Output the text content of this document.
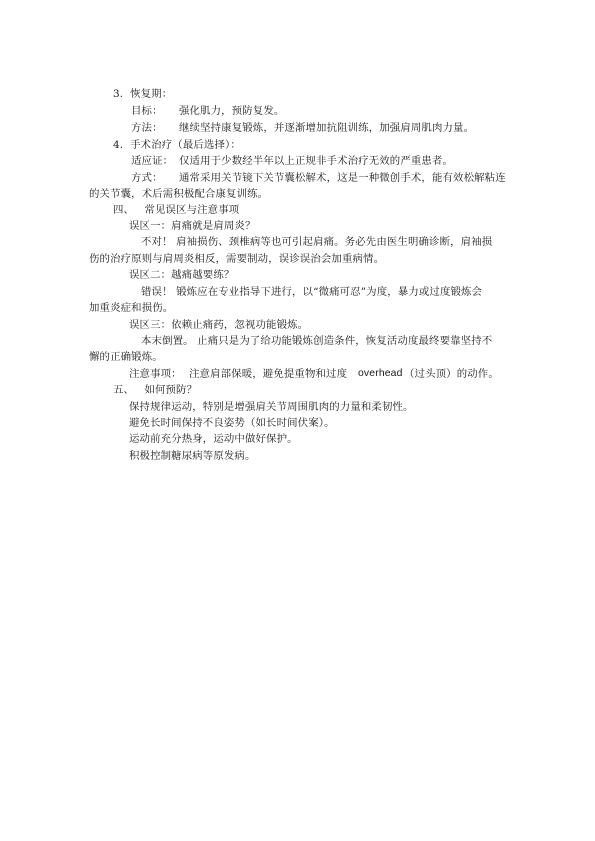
3.  恢复期：
目标： 强化肌力，预防复发。
方法： 继续坚持康复锻炼，并逐渐增加抗阻训练，加强肩周肌肉力量。
4.  手术治疗（最后选择）：
适应证： 仅适用于少数经半年以上正规非手术治疗无效的严重患者。
方式： 通常采用关节镜下关节囊松解术，这是一种微创手术，能有效松解粘连
的关节囊，术后需积极配合康复训练。
四、   常见误区与注意事项
误区一：肩痛就是肩周炎？
不对！ 肩袖损伤、颈椎病等也可引起肩痛。务必先由医生明确诊断，肩袖损
伤的治疗原则与肩周炎相反，需要制动，误诊误治会加重病情。
误区二：越痛越要练？
错误！ 锻炼应在专业指导下进行，以“微痛可忍”为度，暴力或过度锻炼会
加重炎症和损伤。
误区三：依赖止痛药，忽视功能锻炼。
本末倒置。 止痛只是为了给功能锻炼创造条件，恢复活动度最终要靠坚持不
懈的正确锻炼。
注意事项： 注意肩部保暖，避免提重物和过度 overhead （过头顶）的动作。
五、   如何预防？
保持规律运动，特别是增强肩关节周围肌肉的力量和柔韧性。
避免长时间保持不良姿势（如长时间伏案）。
运动前充分热身，运动中做好保护。
积极控制糖尿病等原发病。
